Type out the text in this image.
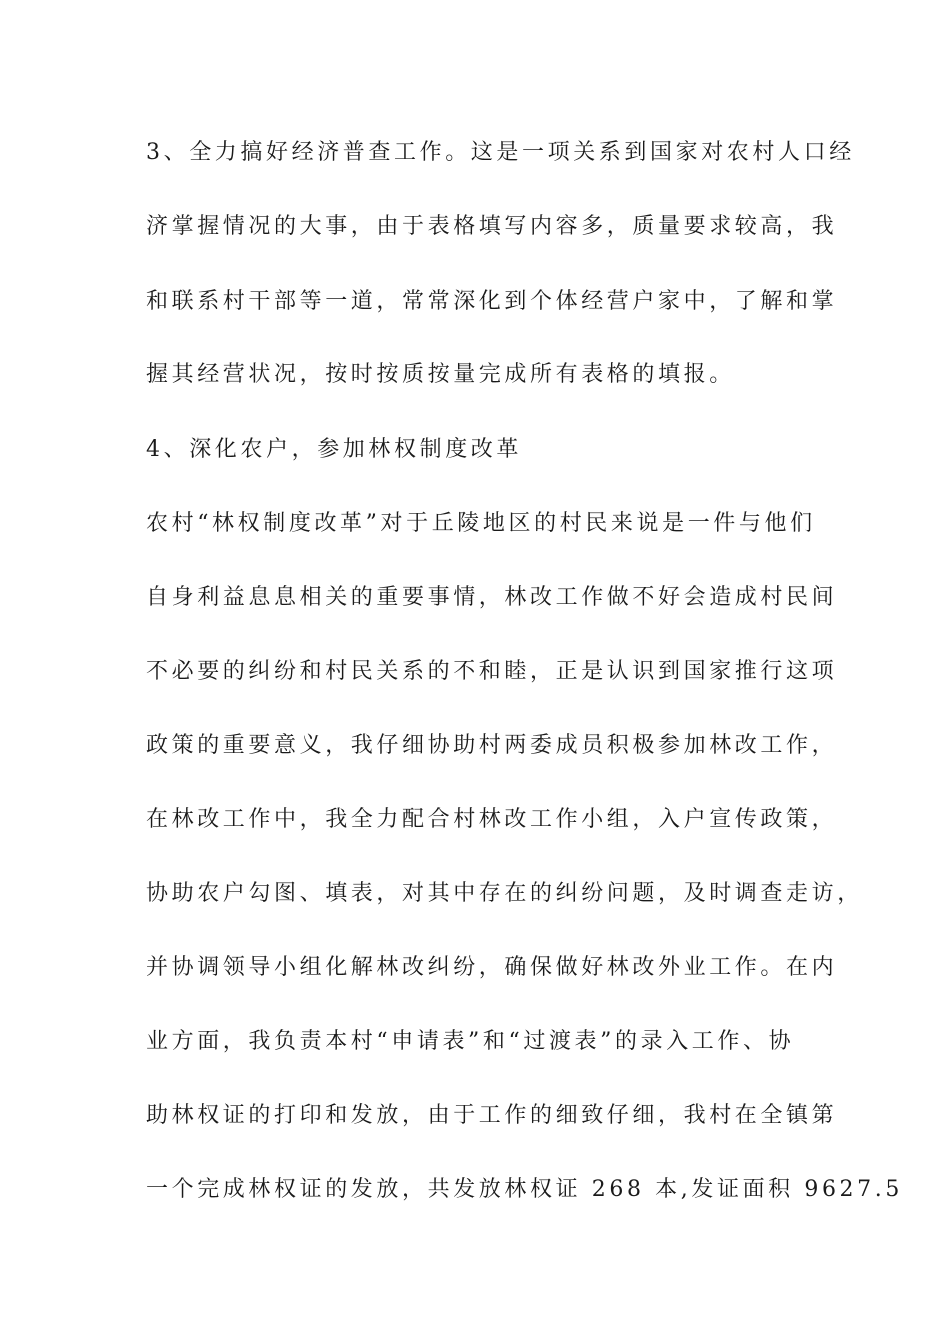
3、全力搞好经济普查工作。这是一项关系到国家对农村人口经
济掌握情况的大事，由于表格填写内容多，质量要求较高，我
和联系村干部等一道，常常深化到个体经营户家中，了解和掌
握其经营状况，按时按质按量完成所有表格的填报。
4、深化农户，参加林权制度改革
农村“林权制度改革”对于丘陵地区的村民来说是一件与他们
自身利益息息相关的重要事情，林改工作做不好会造成村民间
不必要的纠纷和村民关系的不和睦，正是认识到国家推行这项
政策的重要意义，我仔细协助村两委成员积极参加林改工作，
在林改工作中，我全力配合村林改工作小组，入户宣传政策，
协助农户勾图、填表，对其中存在的纠纷问题，及时调查走访，
并协调领导小组化解林改纠纷，确保做好林改外业工作。在内
业方面，我负责本村“申请表”和“过渡表”的录入工作、协
助林权证的打印和发放，由于工作的细致仔细，我村在全镇第
一个完成林权证的发放，共发放林权证 268 本,发证面积 9627.5
